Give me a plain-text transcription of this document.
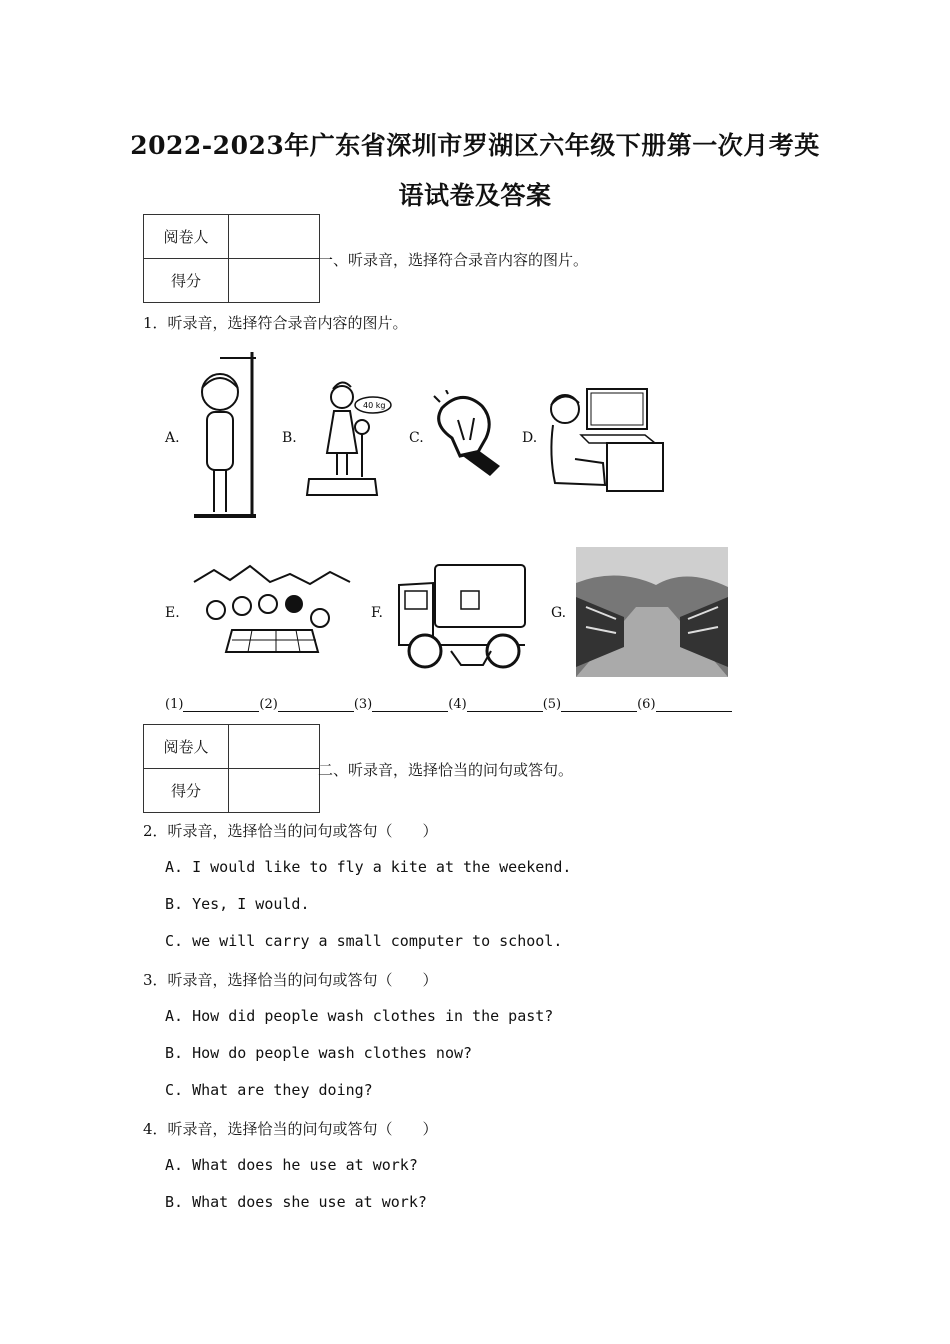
2022-2023年广东省深圳市罗湖区六年级下册第一次月考英
语试卷及答案
阅卷人	
得分	
一、听录音，选择符合录音内容的图片。
1．听录音，选择符合录音内容的图片。
A.	B.
40 kg
C.	D.
E.	F.	G.
(1)	(2)	(3)	(4)	(5)	(6)
阅卷人	
得分	
二、听录音，选择恰当的问句或答句。
2．听录音，选择恰当的问句或答句（　　）
A. I would like to fly a kite at the weekend.
B. Yes, I would.
C. we will carry a small computer to school.
3．听录音，选择恰当的问句或答句（　　）
A. How did people wash clothes in the past?
B. How do people wash clothes now?
C. What are they doing?
4．听录音，选择恰当的问句或答句（　　）
A. What does he use at work?
B. What does she use at work?
